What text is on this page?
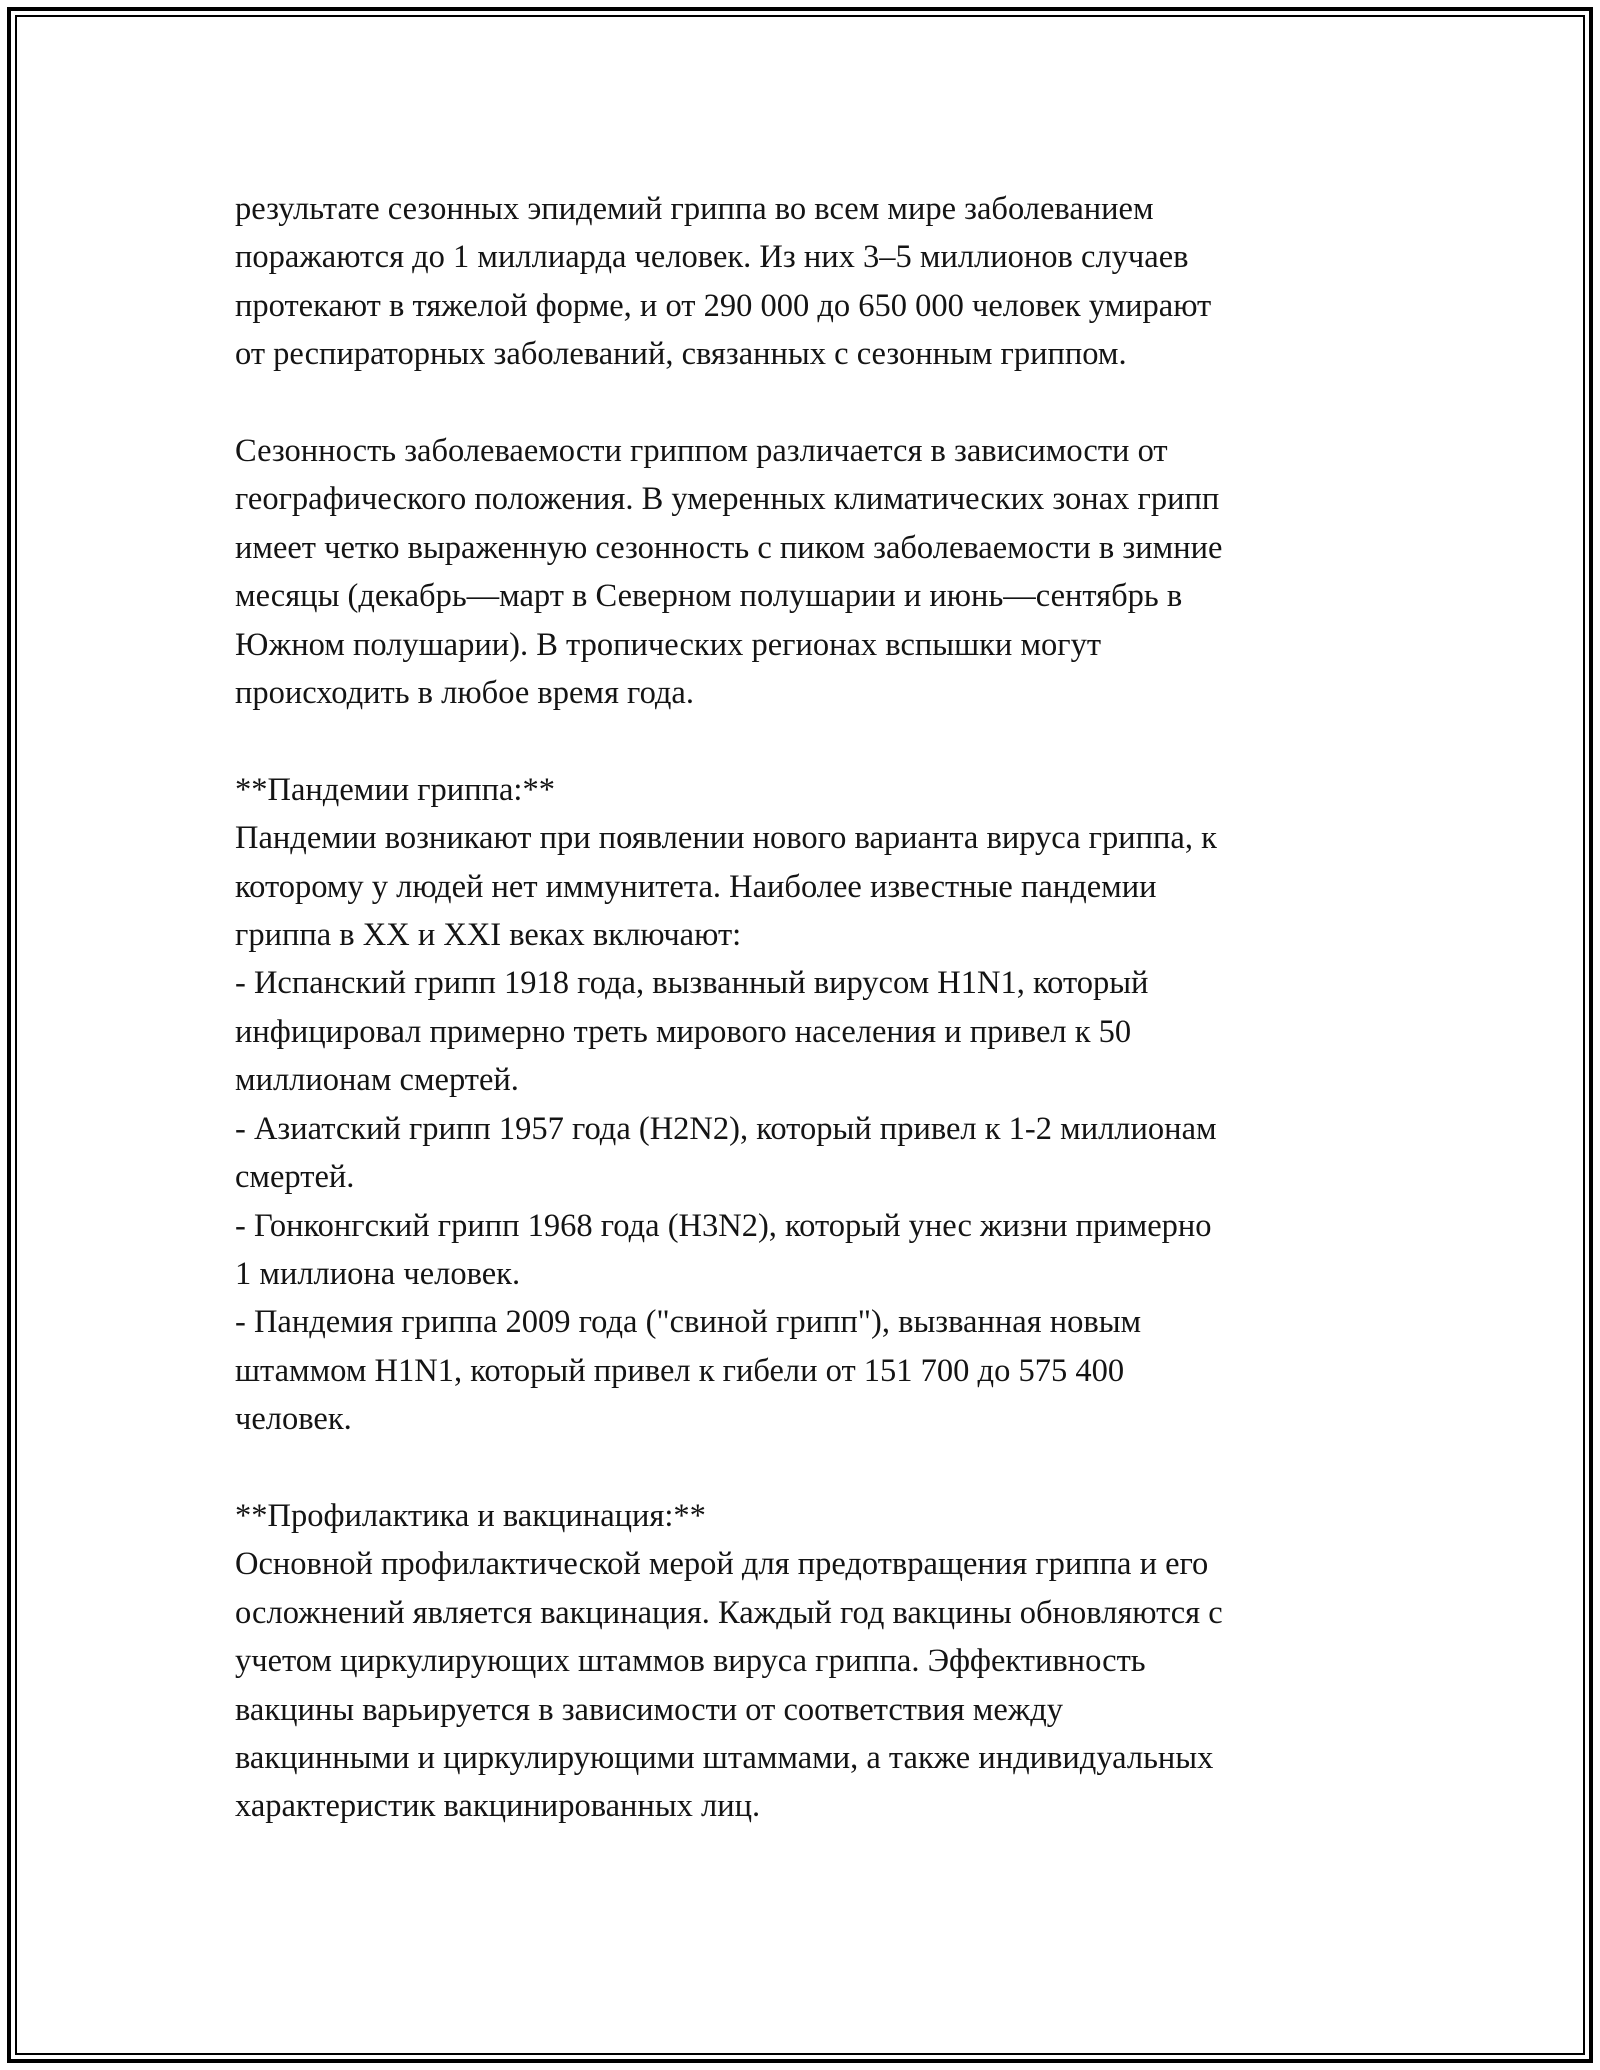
результате сезонных эпидемий гриппа во всем мире заболеванием

поражаются до 1 миллиарда человек. Из них 3–5 миллионов случаев

протекают в тяжелой форме, и от 290 000 до 650 000 человек умирают

от респираторных заболеваний, связанных с сезонным гриппом.

Сезонность заболеваемости гриппом различается в зависимости от

географического положения. В умеренных климатических зонах грипп

имеет четко выраженную сезонность с пиком заболеваемости в зимние

месяцы (декабрь—март в Северном полушарии и июнь—сентябрь в

Южном полушарии). В тропических регионах вспышки могут

происходить в любое время года.

**Пандемии гриппа:**

Пандемии возникают при появлении нового варианта вируса гриппа, к

которому у людей нет иммунитета. Наиболее известные пандемии

гриппа в XX и XXI веках включают:

- Испанский грипп 1918 года, вызванный вирусом H1N1, который

инфицировал примерно треть мирового населения и привел к 50

миллионам смертей.

- Азиатский грипп 1957 года (H2N2), который привел к 1-2 миллионам

смертей.

- Гонконгский грипп 1968 года (H3N2), который унес жизни примерно

1 миллиона человек.

- Пандемия гриппа 2009 года ("свиной грипп"), вызванная новым

штаммом H1N1, который привел к гибели от 151 700 до 575 400

человек.

**Профилактика и вакцинация:**

Основной профилактической мерой для предотвращения гриппа и его

осложнений является вакцинация. Каждый год вакцины обновляются с

учетом циркулирующих штаммов вируса гриппа. Эффективность

вакцины варьируется в зависимости от соответствия между

вакцинными и циркулирующими штаммами, а также индивидуальных

характеристик вакцинированных лиц.
